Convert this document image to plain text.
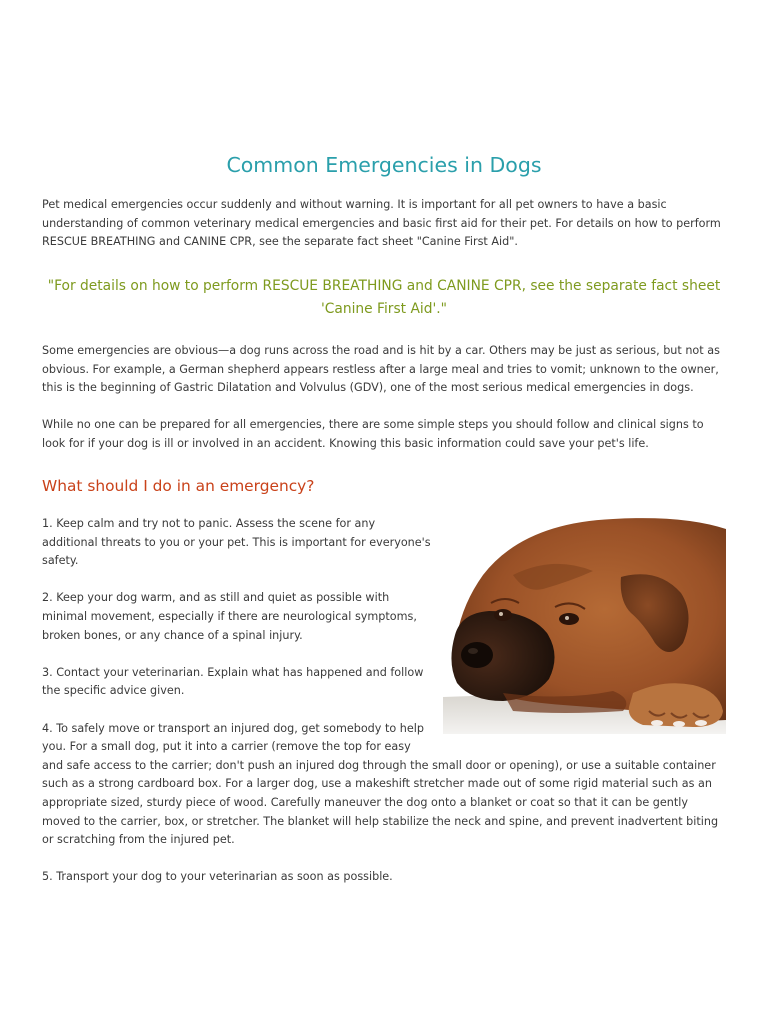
Common Emergencies in Dogs

Pet medical emergencies occur suddenly and without warning. It is important for all pet owners to have a basic understanding of common veterinary medical emergencies and basic first aid for their pet. For details on how to perform RESCUE BREATHING and CANINE CPR, see the separate fact sheet "Canine First Aid".

"For details on how to perform RESCUE BREATHING and CANINE CPR, see the separate fact sheet
'Canine First Aid'."

Some emergencies are obvious—a dog runs across the road and is hit by a car. Others may be just as serious, but not as obvious. For example, a German shepherd appears restless after a large meal and tries to vomit; unknown to the owner, this is the beginning of Gastric Dilatation and Volvulus (GDV), one of the most serious medical emergencies in dogs.

While no one can be prepared for all emergencies, there are some simple steps you should follow and clinical signs to look for if your dog is ill or involved in an accident. Knowing this basic information could save your pet's life.

What should I do in an emergency?

1. Keep calm and try not to panic. Assess the scene for any additional threats to you or your pet. This is important for everyone's safety.

2. Keep your dog warm, and as still and quiet as possible with minimal movement, especially if there are neurological symptoms, broken bones, or any chance of a spinal injury.

3. Contact your veterinarian. Explain what has happened and follow the specific advice given.

4. To safely move or transport an injured dog, get somebody to help you. For a small dog, put it into a carrier (remove the top for easy and safe access to the carrier; don't push an injured dog through the small door or opening), or use a suitable container such as a strong cardboard box. For a larger dog, use a makeshift stretcher made out of some rigid material such as an appropriate sized, sturdy piece of wood. Carefully maneuver the dog onto a blanket or coat so that it can be gently moved to the carrier, box, or stretcher. The blanket will help stabilize the neck and spine, and prevent inadvertent biting or scratching from the injured pet.

5. Transport your dog to your veterinarian as soon as possible.
